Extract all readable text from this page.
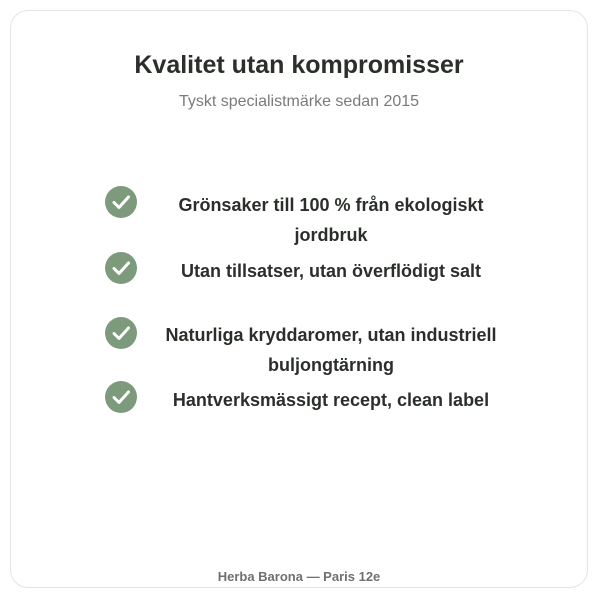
Kvalitet utan kompromisser

Tyskt specialistmärke sedan 2015

Grönsaker till 100 % från ekologiskt jordbruk
Utan tillsatser, utan överflödigt salt
Naturliga kryddaromer, utan industriell buljongtärning
Hantverksmässigt recept, clean label

Herba Barona — Paris 12e
